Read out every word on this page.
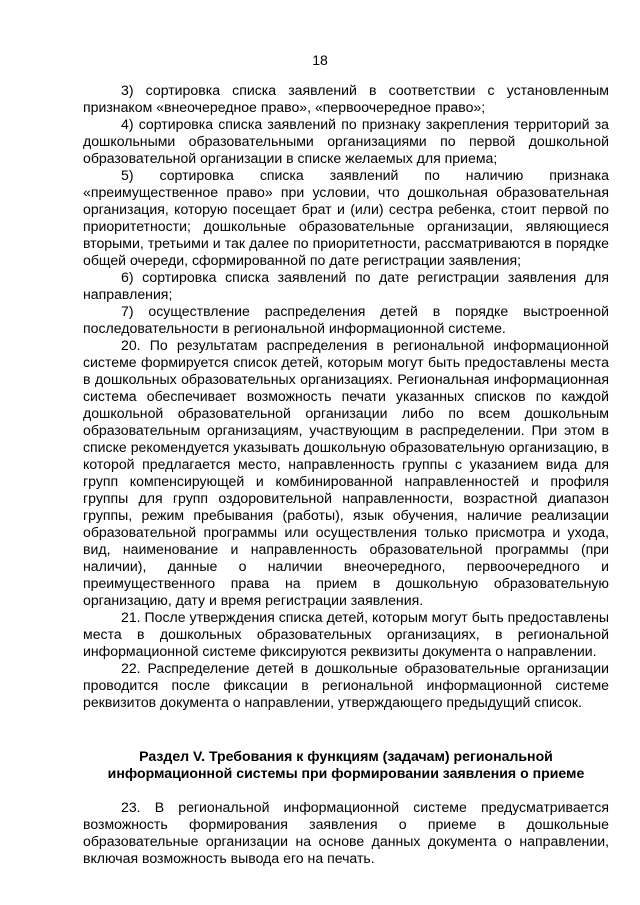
18

3) сортировка списка заявлений в соответствии с установленным признаком «внеочередное право», «первоочередное право»;

4) сортировка списка заявлений по признаку закрепления территорий за дошкольными образовательными организациями по первой дошкольной образовательной организации в списке желаемых для приема;

5) сортировка списка заявлений по наличию признака «преимущественное право» при условии, что дошкольная образовательная организация, которую посещает брат и (или) сестра ребенка, стоит первой по приоритетности; дошкольные образовательные организации, являющиеся вторыми, третьими и так далее по приоритетности, рассматриваются в порядке общей очереди, сформированной по дате регистрации заявления;

6) сортировка списка заявлений по дате регистрации заявления для направления;

7) осуществление распределения детей в порядке выстроенной последовательности в региональной информационной системе.

20. По результатам распределения в региональной информационной системе формируется список детей, которым могут быть предоставлены места в дошкольных образовательных организациях. Региональная информационная система обеспечивает возможность печати указанных списков по каждой дошкольной образовательной организации либо по всем дошкольным образовательным организациям, участвующим в распределении. При этом в списке рекомендуется указывать дошкольную образовательную организацию, в которой предлагается место, направленность группы с указанием вида для групп компенсирующей и комбинированной направленностей и профиля группы для групп оздоровительной направленности, возрастной диапазон группы, режим пребывания (работы), язык обучения, наличие реализации образовательной программы или осуществления только присмотра и ухода, вид, наименование и направленность образовательной программы (при наличии), данные о наличии внеочередного, первоочередного и преимущественного права на прием в дошкольную образовательную организацию, дату и время регистрации заявления.

21. После утверждения списка детей, которым могут быть предоставлены места в дошкольных образовательных организациях, в региональной информационной системе фиксируются реквизиты документа о направлении.

22. Распределение детей в дошкольные образовательные организации проводится после фиксации в региональной информационной системе реквизитов документа о направлении, утверждающего предыдущий список.

Раздел V. Требования к функциям (задачам) региональной
информационной системы при формировании заявления о приеме

23. В региональной информационной системе предусматривается возможность формирования заявления о приеме в дошкольные образовательные организации на основе данных документа о направлении, включая возможность вывода его на печать.
